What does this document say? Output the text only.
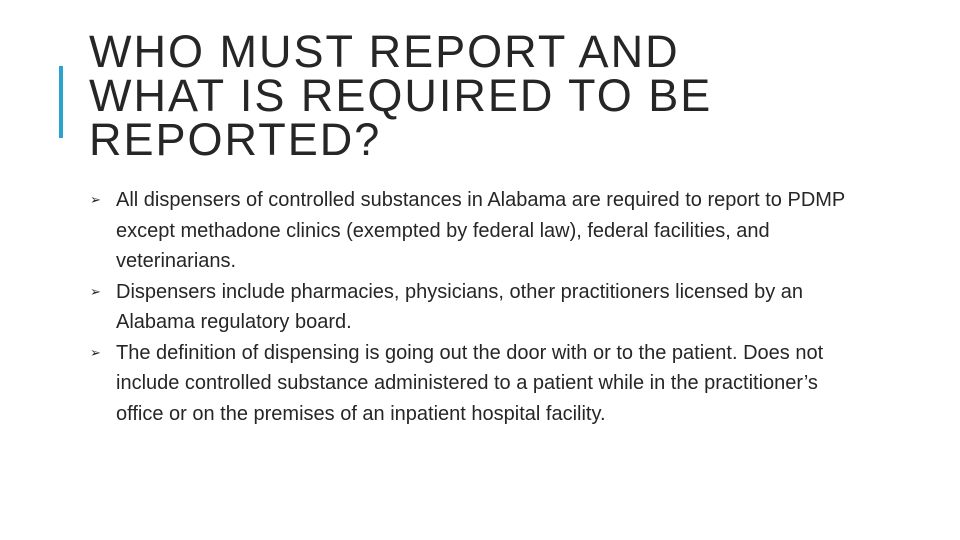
WHO MUST REPORT AND
WHAT IS REQUIRED TO BE
REPORTED?
➢ All dispensers of controlled substances in Alabama are required to report to PDMP except methadone clinics (exempted by federal law), federal facilities, and veterinarians.
➢ Dispensers include pharmacies, physicians, other practitioners licensed by an Alabama regulatory board.
➢ The definition of dispensing is going out the door with or to the patient. Does not include controlled substance administered to a patient while in the practitioner’s office or on the premises of an inpatient hospital facility.
